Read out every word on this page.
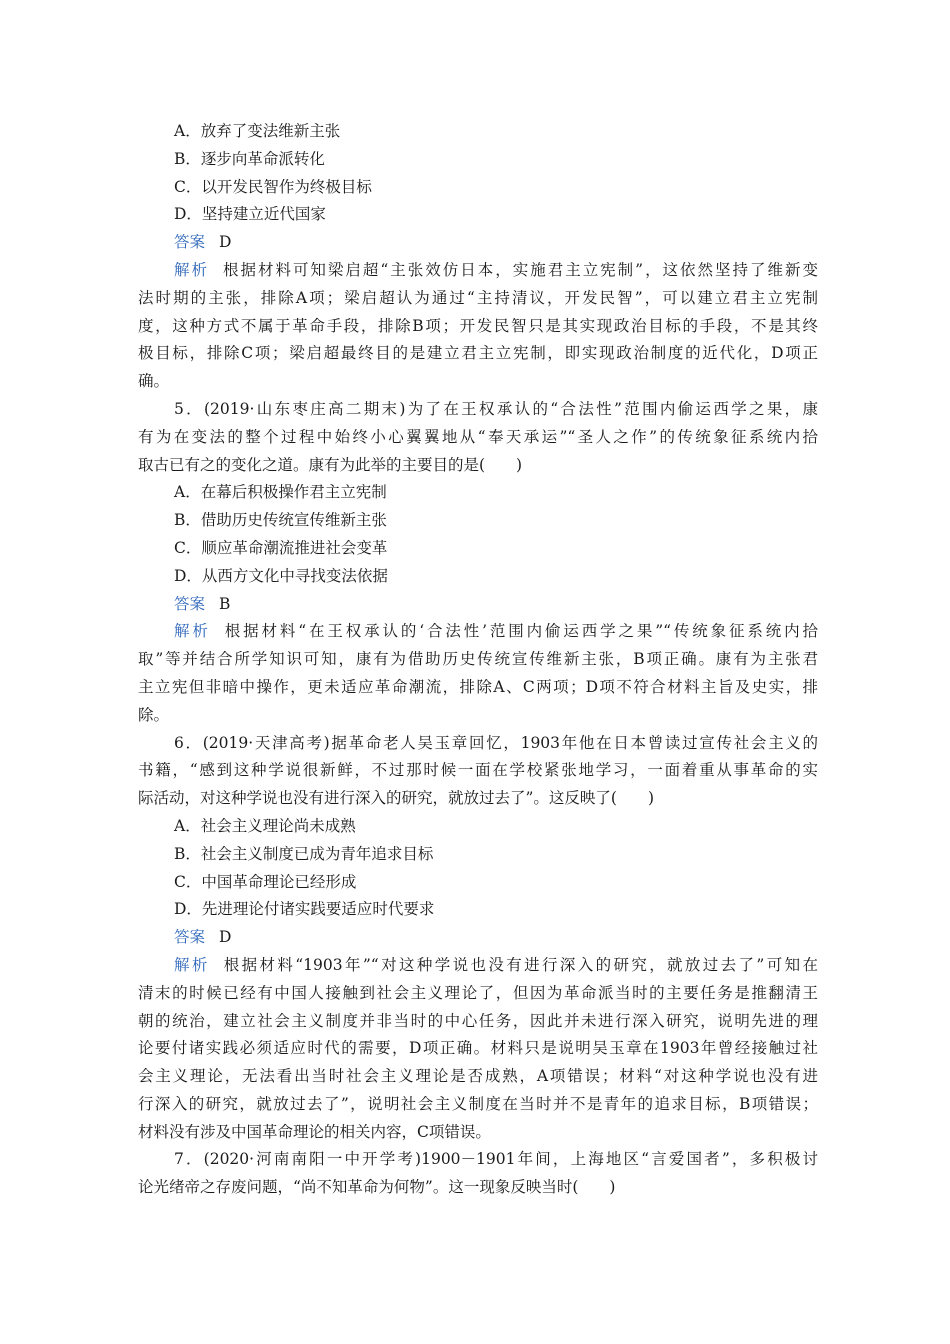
A．放弃了变法维新主张
B．逐步向革命派转化
C．以开发民智作为终极目标
D．坚持建立近代国家
答案 D
解析 根据材料可知梁启超“主张效仿日本，实施君主立宪制”，这依然坚持了维新变
法时期的主张，排除A项；梁启超认为通过“主持清议，开发民智”，可以建立君主立宪制
度，这种方式不属于革命手段，排除B项；开发民智只是其实现政治目标的手段，不是其终
极目标，排除C项；梁启超最终目的是建立君主立宪制，即实现政治制度的近代化，D项正
确。
5．(2019·山东枣庄高二期末)为了在王权承认的“合法性”范围内偷运西学之果，康
有为在变法的整个过程中始终小心翼翼地从“奉天承运”“圣人之作”的传统象征系统内拾
取古已有之的变化之道。康有为此举的主要目的是(　　)
A．在幕后积极操作君主立宪制
B．借助历史传统宣传维新主张
C．顺应革命潮流推进社会变革
D．从西方文化中寻找变法依据
答案 B
解析 根据材料“在王权承认的‘合法性’范围内偷运西学之果”“传统象征系统内拾
取”等并结合所学知识可知，康有为借助历史传统宣传维新主张，B项正确。康有为主张君
主立宪但非暗中操作，更未适应革命潮流，排除A、C两项；D项不符合材料主旨及史实，排
除。
6．(2019·天津高考)据革命老人吴玉章回忆，1903年他在日本曾读过宣传社会主义的
书籍，“感到这种学说很新鲜，不过那时候一面在学校紧张地学习，一面着重从事革命的实
际活动，对这种学说也没有进行深入的研究，就放过去了”。这反映了(　　)
A．社会主义理论尚未成熟
B．社会主义制度已成为青年追求目标
C．中国革命理论已经形成
D．先进理论付诸实践要适应时代要求
答案 D
解析 根据材料“1903年”“对这种学说也没有进行深入的研究，就放过去了”可知在
清末的时候已经有中国人接触到社会主义理论了，但因为革命派当时的主要任务是推翻清王
朝的统治，建立社会主义制度并非当时的中心任务，因此并未进行深入研究，说明先进的理
论要付诸实践必须适应时代的需要，D项正确。材料只是说明吴玉章在1903年曾经接触过社
会主义理论，无法看出当时社会主义理论是否成熟，A项错误；材料“对这种学说也没有进
行深入的研究，就放过去了”，说明社会主义制度在当时并不是青年的追求目标，B项错误；
材料没有涉及中国革命理论的相关内容，C项错误。
7．(2020·河南南阳一中开学考)1900－1901年间，上海地区“言爱国者”，多积极讨
论光绪帝之存废问题，“尚不知革命为何物”。这一现象反映当时(　　)
